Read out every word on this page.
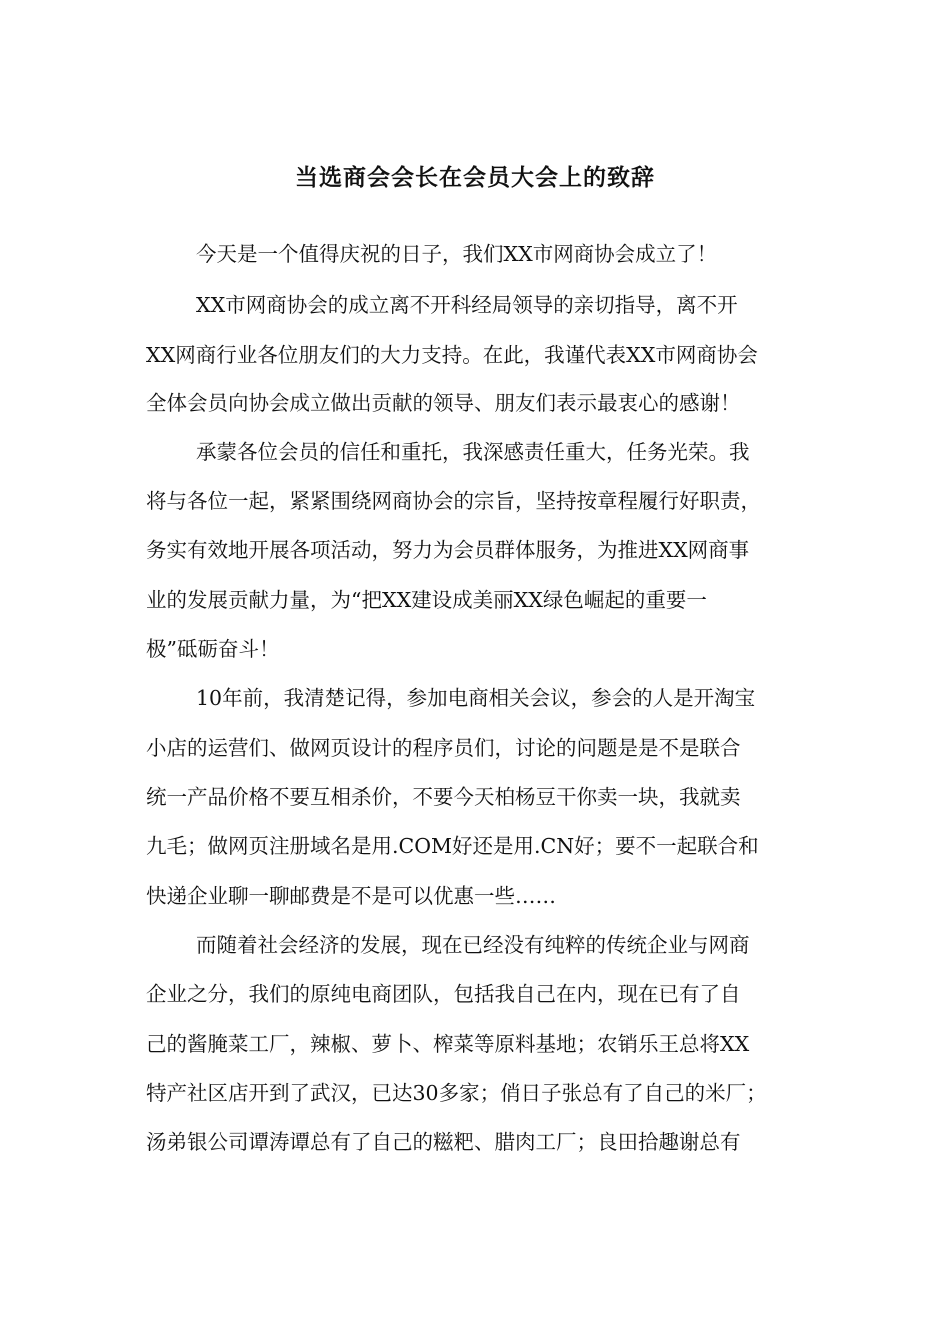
当选商会会长在会员大会上的致辞

今天是一个值得庆祝的日子，我们XX市网商协会成立了！

XX市网商协会的成立离不开科经局领导的亲切指导，离不开

XX网商行业各位朋友们的大力支持。在此，我谨代表XX市网商协会

全体会员向协会成立做出贡献的领导、朋友们表示最衷心的感谢！

承蒙各位会员的信任和重托，我深感责任重大，任务光荣。我

将与各位一起，紧紧围绕网商协会的宗旨，坚持按章程履行好职责，

务实有效地开展各项活动，努力为会员群体服务，为推进XX网商事

业的发展贡献力量，为“把XX建设成美丽XX绿色崛起的重要一

极”砥砺奋斗！

10年前，我清楚记得，参加电商相关会议，参会的人是开淘宝

小店的运营们、做网页设计的程序员们，讨论的问题是是不是联合

统一产品价格不要互相杀价，不要今天柏杨豆干你卖一块，我就卖

九毛；做网页注册域名是用.COM好还是用.CN好；要不一起联合和

快递企业聊一聊邮费是不是可以优惠一些……

而随着社会经济的发展，现在已经没有纯粹的传统企业与网商

企业之分，我们的原纯电商团队，包括我自己在内，现在已有了自

己的酱腌菜工厂，辣椒、萝卜、榨菜等原料基地；农销乐王总将XX

特产社区店开到了武汉，已达30多家；俏日子张总有了自己的米厂；

汤弟银公司谭涛谭总有了自己的糍粑、腊肉工厂；良田拾趣谢总有
